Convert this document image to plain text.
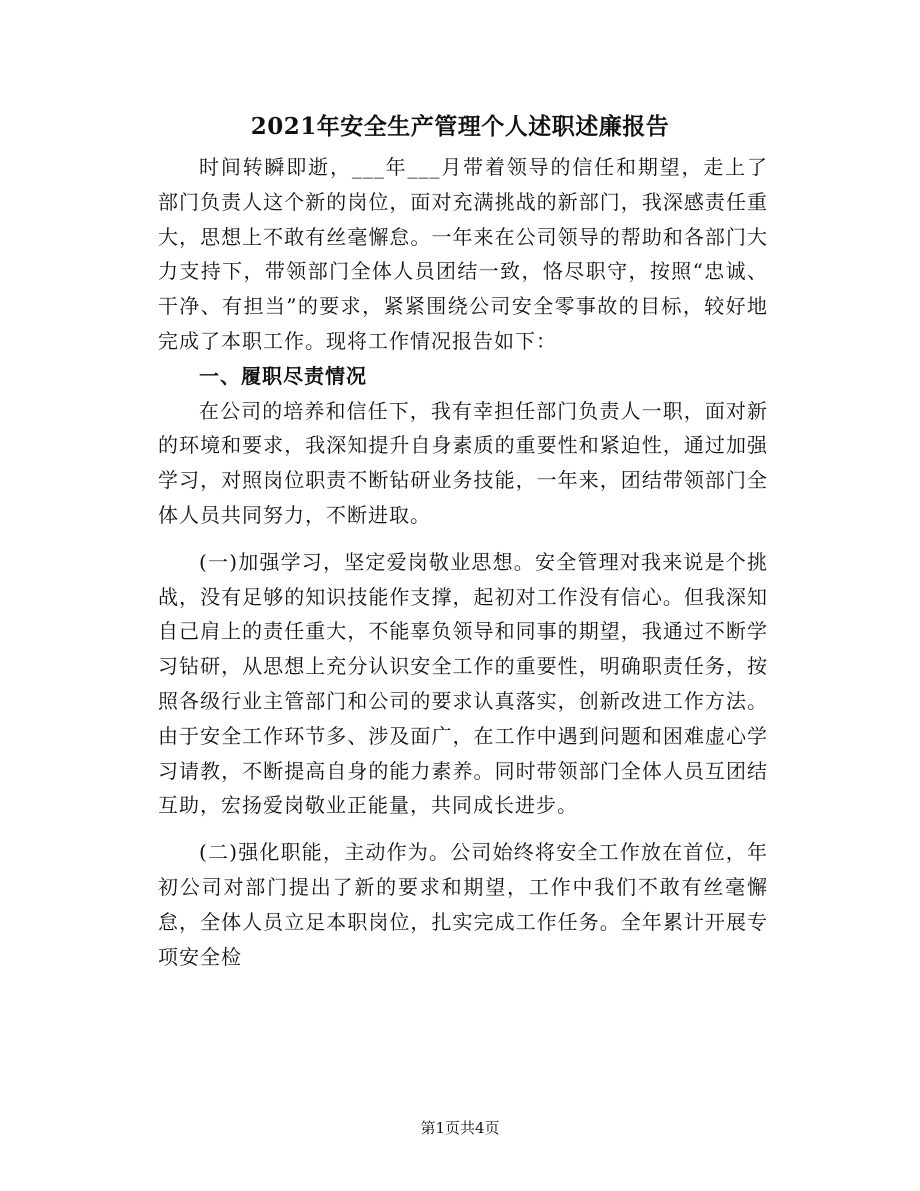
2021年安全生产管理个人述职述廉报告

时间转瞬即逝，___年___月带着领导的信任和期望，走上了部门负责人这个新的岗位，面对充满挑战的新部门，我深感责任重大，思想上不敢有丝毫懈怠。一年来在公司领导的帮助和各部门大力支持下，带领部门全体人员团结一致，恪尽职守，按照“忠诚、干净、有担当”的要求，紧紧围绕公司安全零事故的目标，较好地完成了本职工作。现将工作情况报告如下：

一、履职尽责情况

在公司的培养和信任下，我有幸担任部门负责人一职，面对新的环境和要求，我深知提升自身素质的重要性和紧迫性，通过加强学习，对照岗位职责不断钻研业务技能，一年来，团结带领部门全体人员共同努力，不断进取。

(一)加强学习，坚定爱岗敬业思想。安全管理对我来说是个挑战，没有足够的知识技能作支撑，起初对工作没有信心。但我深知自己肩上的责任重大，不能辜负领导和同事的期望，我通过不断学习钻研，从思想上充分认识安全工作的重要性，明确职责任务，按照各级行业主管部门和公司的要求认真落实，创新改进工作方法。由于安全工作环节多、涉及面广，在工作中遇到问题和困难虚心学习请教，不断提高自身的能力素养。同时带领部门全体人员互团结互助，宏扬爱岗敬业正能量，共同成长进步。

(二)强化职能，主动作为。公司始终将安全工作放在首位，年初公司对部门提出了新的要求和期望，工作中我们不敢有丝毫懈怠，全体人员立足本职岗位，扎实完成工作任务。全年累计开展专项安全检

第1页共4页
